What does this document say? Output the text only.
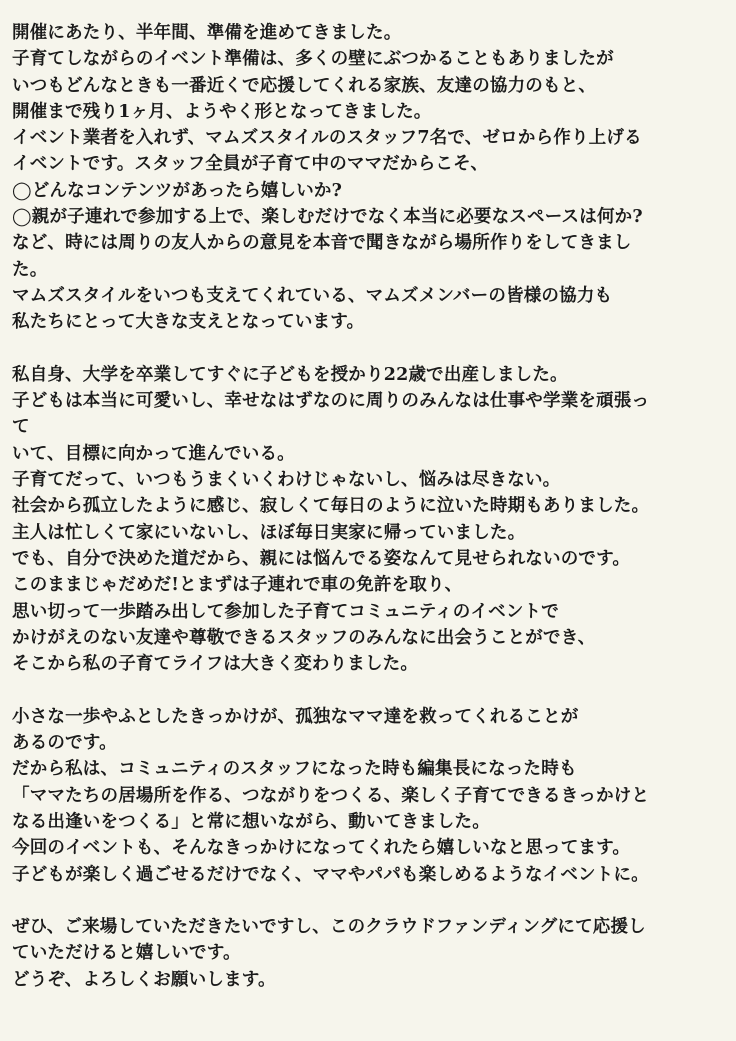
開催にあたり、半年間、準備を進めてきました。
子育てしながらのイベント準備は、多くの壁にぶつかることもありましたが
いつもどんなときも一番近くで応援してくれる家族、友達の協力のもと、
開催まで残り1ヶ月、ようやく形となってきました。
イベント業者を入れず、マムズスタイルのスタッフ7名で、ゼロから作り上げる
イベントです。スタッフ全員が子育て中のママだからこそ、
◯どんなコンテンツがあったら嬉しいか?
◯親が子連れで参加する上で、楽しむだけでなく本当に必要なスペースは何か?
など、時には周りの友人からの意見を本音で聞きながら場所作りをしてきまし
た。
マムズスタイルをいつも支えてくれている、マムズメンバーの皆様の協力も
私たちにとって大きな支えとなっています。
私自身、大学を卒業してすぐに子どもを授かり22歳で出産しました。
子どもは本当に可愛いし、幸せなはずなのに周りのみんなは仕事や学業を頑張っ
て
いて、目標に向かって進んでいる。
子育てだって、いつもうまくいくわけじゃないし、悩みは尽きない。
社会から孤立したように感じ、寂しくて毎日のように泣いた時期もありました。
主人は忙しくて家にいないし、ほぼ毎日実家に帰っていました。
でも、自分で決めた道だから、親には悩んでる姿なんて見せられないのです。
このままじゃだめだ!とまずは子連れで車の免許を取り、
思い切って一歩踏み出して参加した子育てコミュニティのイベントで
かけがえのない友達や尊敬できるスタッフのみんなに出会うことができ、
そこから私の子育てライフは大きく変わりました。
小さな一歩やふとしたきっかけが、孤独なママ達を救ってくれることが
あるのです。
だから私は、コミュニティのスタッフになった時も編集長になった時も
「ママたちの居場所を作る、つながりをつくる、楽しく子育てできるきっかけと
なる出逢いをつくる」と常に想いながら、動いてきました。
今回のイベントも、そんなきっかけになってくれたら嬉しいなと思ってます。
子どもが楽しく過ごせるだけでなく、ママやパパも楽しめるようなイベントに。
ぜひ、ご来場していただきたいですし、このクラウドファンディングにて応援し
ていただけると嬉しいです。
どうぞ、よろしくお願いします。
